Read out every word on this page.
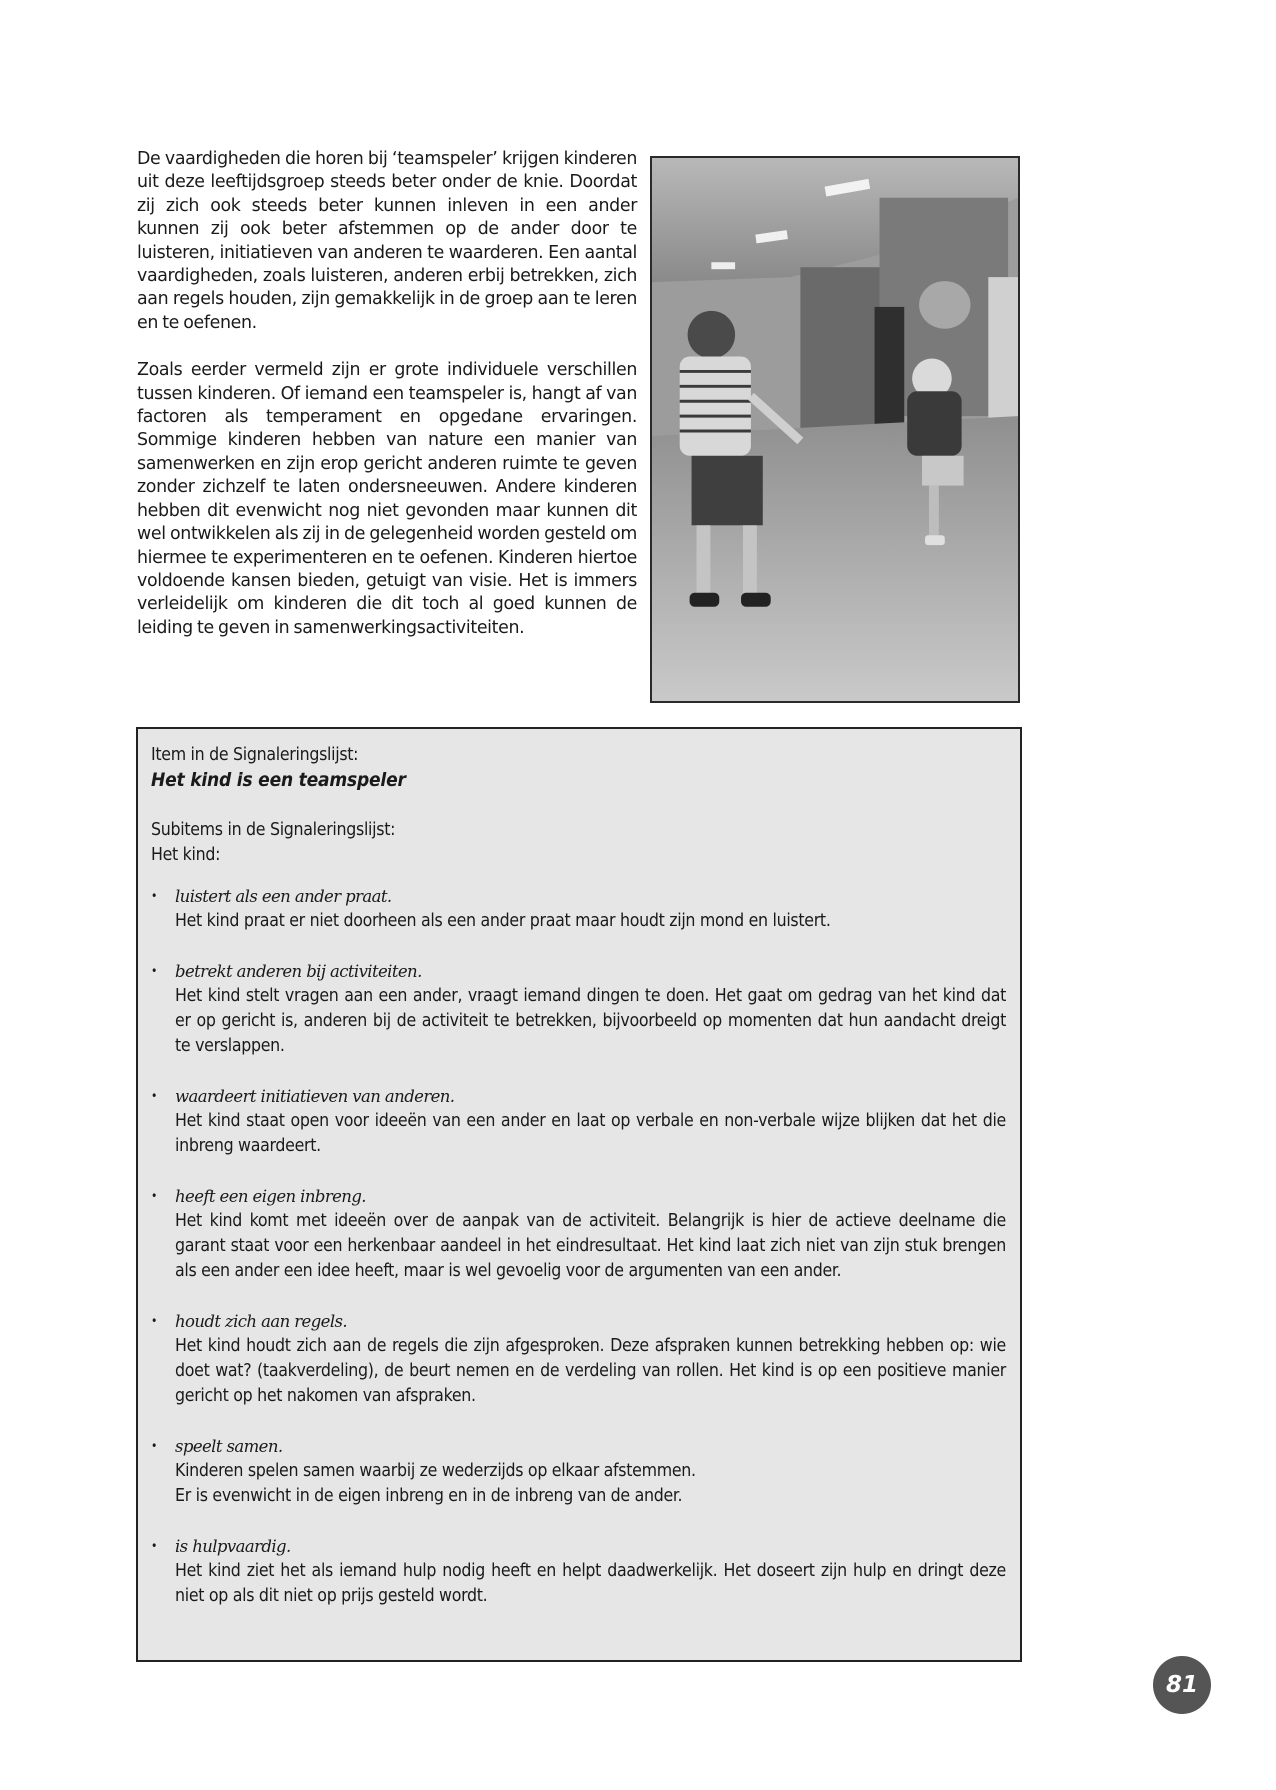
De vaardigheden die horen bij ‘teamspeler’ krijgen kinderen uit deze leeftijdsgroep steeds beter onder de knie. Doordat zij zich ook steeds beter kunnen inleven in een ander kunnen zij ook beter afstemmen op de ander door te luisteren, initiatieven van anderen te waarderen. Een aantal vaardigheden, zoals luisteren, anderen erbij betrekken, zich aan regels houden, zijn gemakkelijk in de groep aan te leren en te oefenen.

Zoals eerder vermeld zijn er grote individuele verschillen tussen kinderen. Of iemand een teamspeler is, hangt af van factoren als temperament en opgedane ervaringen. Sommige kinderen hebben van nature een manier van samenwerken en zijn erop gericht anderen ruimte te geven zonder zichzelf te laten ondersneeuwen. Andere kinderen hebben dit evenwicht nog niet gevonden maar kunnen dit wel ontwikkelen als zij in de gelegenheid worden gesteld om hiermee te experimenteren en te oefenen. Kinderen hiertoe voldoende kansen bieden, getuigt van visie. Het is immers verleidelijk om kinderen die dit toch al goed kunnen de leiding te geven in samenwerkingsactiviteiten.

Item in de Signaleringslijst:

Het kind is een teamspeler

Subitems in de Signaleringslijst:

Het kind:

• luistert als een ander praat.
Het kind praat er niet doorheen als een ander praat maar houdt zijn mond en luistert.
• betrekt anderen bij activiteiten.
Het kind stelt vragen aan een ander, vraagt iemand dingen te doen. Het gaat om gedrag van het kind dat er op gericht is, anderen bij de activiteit te betrekken, bijvoorbeeld op momenten dat hun aandacht dreigt te verslappen.
• waardeert initiatieven van anderen.
Het kind staat open voor ideeën van een ander en laat op verbale en non-verbale wijze blijken dat het die inbreng waardeert.
• heeft een eigen inbreng.
Het kind komt met ideeën over de aanpak van de activiteit. Belangrijk is hier de actieve deelname die garant staat voor een herkenbaar aandeel in het eindresultaat. Het kind laat zich niet van zijn stuk brengen als een ander een idee heeft, maar is wel gevoelig voor de argumenten van een ander.
• houdt zich aan regels.
Het kind houdt zich aan de regels die zijn afgesproken. Deze afspraken kunnen betrekking hebben op: wie doet wat? (taakverdeling), de beurt nemen en de verdeling van rollen. Het kind is op een positieve manier gericht op het nakomen van afspraken.
• speelt samen.
Kinderen spelen samen waarbij ze wederzijds op elkaar afstemmen.
Er is evenwicht in de eigen inbreng en in de inbreng van de ander.
• is hulpvaardig.
Het kind ziet het als iemand hulp nodig heeft en helpt daadwerkelijk. Het doseert zijn hulp en dringt deze niet op als dit niet op prijs gesteld wordt.
81
